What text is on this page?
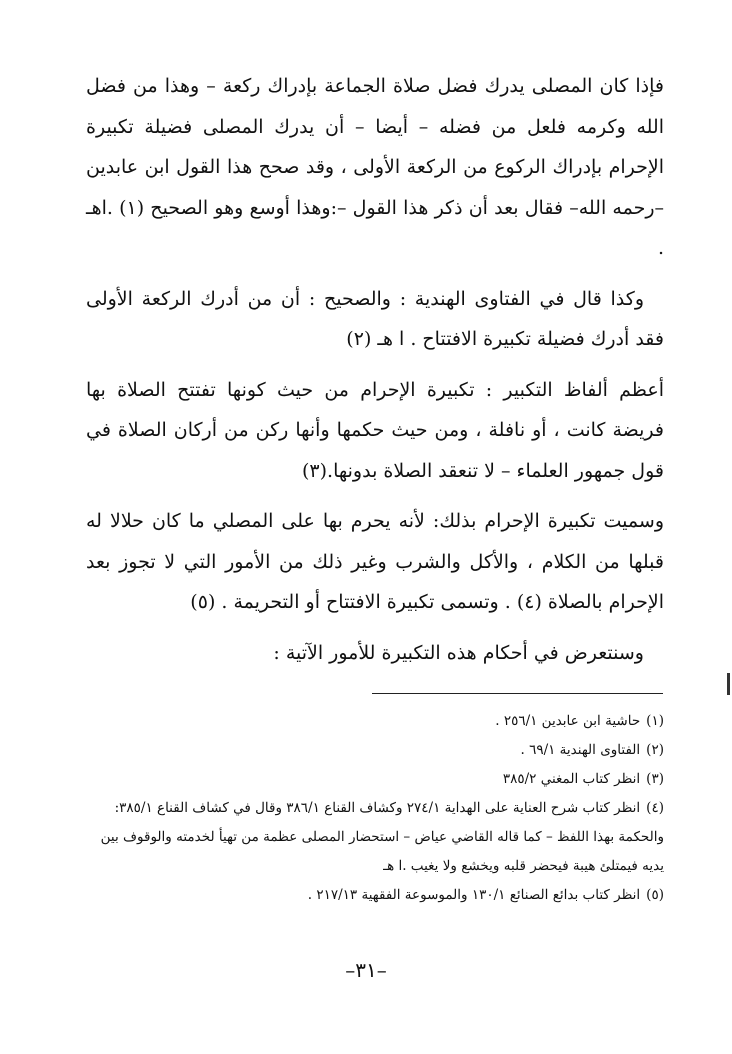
فإذا كان المصلى يدرك فضل صلاة الجماعة بإدراك ركعة – وهذا من فضل الله وكرمه فلعل من فضله – أيضا – أن يدرك المصلى فضيلة تكبيرة الإحرام بإدراك الركوع من الركعة الأولى ، وقد صحح هذا القول ابن عابدين –رحمه الله– فقال بعد أن ذكر هذا القول –:وهذا أوسع وهو الصحيح (١) .اهـ .

وكذا قال في الفتاوى الهندية : والصحيح : أن من أدرك الركعة الأولى فقد أدرك فضيلة تكبيرة الافتتاح . ا هـ (٢)

أعظم ألفاظ التكبير : تكبيرة الإحرام من حيث كونها تفتتح الصلاة بها فريضة كانت ، أو نافلة ، ومن حيث حكمها وأنها ركن من أركان الصلاة في قول جمهور العلماء – لا تنعقد الصلاة بدونها.(٣)

وسميت تكبيرة الإحرام بذلك: لأنه يحرم بها على المصلي ما كان حلالا له قبلها من الكلام ، والأكل والشرب وغير ذلك من الأمور التي لا تجوز بعد الإحرام بالصلاة (٤) . وتسمى تكبيرة الافتتاح أو التحريمة . (٥)

وسنتعرض في أحكام هذه التكبيرة للأمور الآتية :

(١)حاشية ابن عابدين ٢٥٦/١ .

(٢)الفتاوى الهندية ٦٩/١ .

(٣)انظر كتاب المغني ٣٨٥/٢

(٤)انظر كتاب شرح العناية على الهداية ٢٧٤/١ وكشاف القناع ٣٨٦/١ وقال في كشاف القناع ٣٨٥/١: والحكمة بهذا اللفظ – كما قاله القاضي عياض – استحضار المصلى عظمة من تهيأ لخدمته والوقوف بين يديه فيمتلئ هيبة فيحضر قلبه ويخشع ولا يغيب .ا هـ

(٥)انظر كتاب بدائع الصنائع ١٣٠/١ والموسوعة الفقهية ٢١٧/١٣ .

–٣١–
